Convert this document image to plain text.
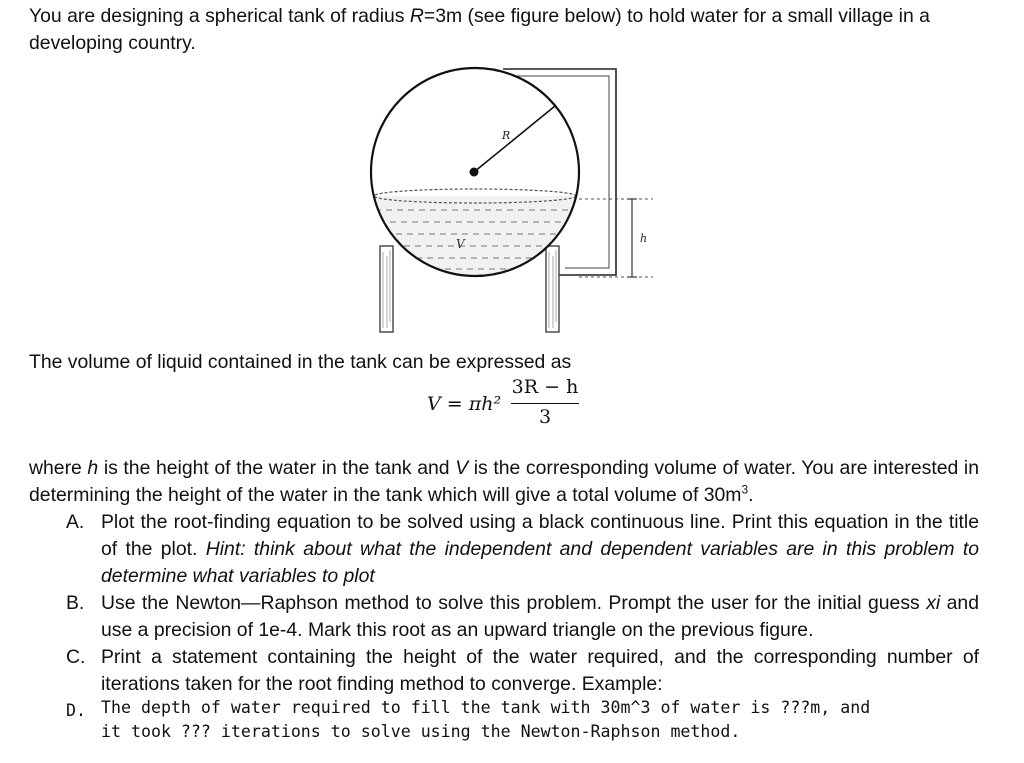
You are designing a spherical tank of radius R=3m (see figure below) to hold water for a small village in a developing country.
R
V	h
The volume of liquid contained in the tank can be expressed as
V = πh²
3R − h
3
where h is the height of the water in the tank and V is the corresponding volume of water. You are interested in determining the height of the water in the tank which will give a total volume of $30m^3$.
A. Plot the root-finding equation to be solved using a black continuous line. Print this equation in the title of the plot. Hint: think about what the independent and dependent variables are in this problem to determine what variables to plot
B. Use the Newton—Raphson method to solve this problem. Prompt the user for the initial guess xi and use a precision of 1e-4. Mark this root as an upward triangle on the previous figure.
C. Print a statement containing the height of the water required, and the corresponding number of iterations taken for the root finding method to converge. Example:
D. The depth of water required to fill the tank with 30m^3 of water is ???m, and
it took ??? iterations to solve using the Newton-Raphson method.
